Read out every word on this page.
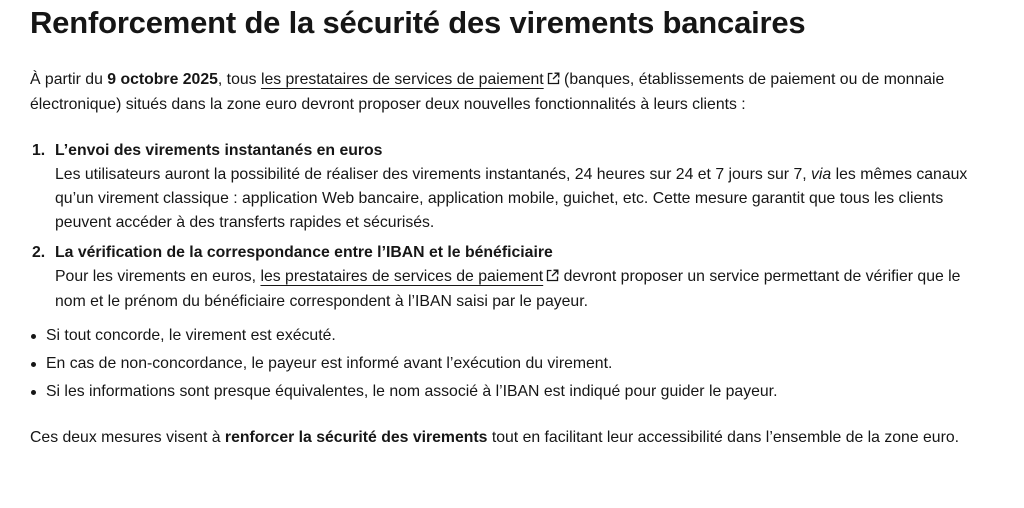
Renforcement de la sécurité des virements bancaires

À partir du 9 octobre 2025, tous les prestataires de services de paiement (banques, établissements de paiement ou de monnaie électronique) situés dans la zone euro devront proposer deux nouvelles fonctionnalités à leurs clients :

1. L’envoi des virements instantanés en euros
Les utilisateurs auront la possibilité de réaliser des virements instantanés, 24 heures sur 24 et 7 jours sur 7, via les mêmes canaux qu’un virement classique : application Web bancaire, application mobile, guichet, etc. Cette mesure garantit que tous les clients peuvent accéder à des transferts rapides et sécurisés.
2. La vérification de la correspondance entre l’IBAN et le bénéficiaire
Pour les virements en euros, les prestataires de services de paiement devront proposer un service permettant de vérifier que le nom et le prénom du bénéficiaire correspondent à l’IBAN saisi par le payeur.
Si tout concorde, le virement est exécuté.
En cas de non-concordance, le payeur est informé avant l’exécution du virement.
Si les informations sont presque équivalentes, le nom associé à l’IBAN est indiqué pour guider le payeur.

Ces deux mesures visent à renforcer la sécurité des virements tout en facilitant leur accessibilité dans l’ensemble de la zone euro.
